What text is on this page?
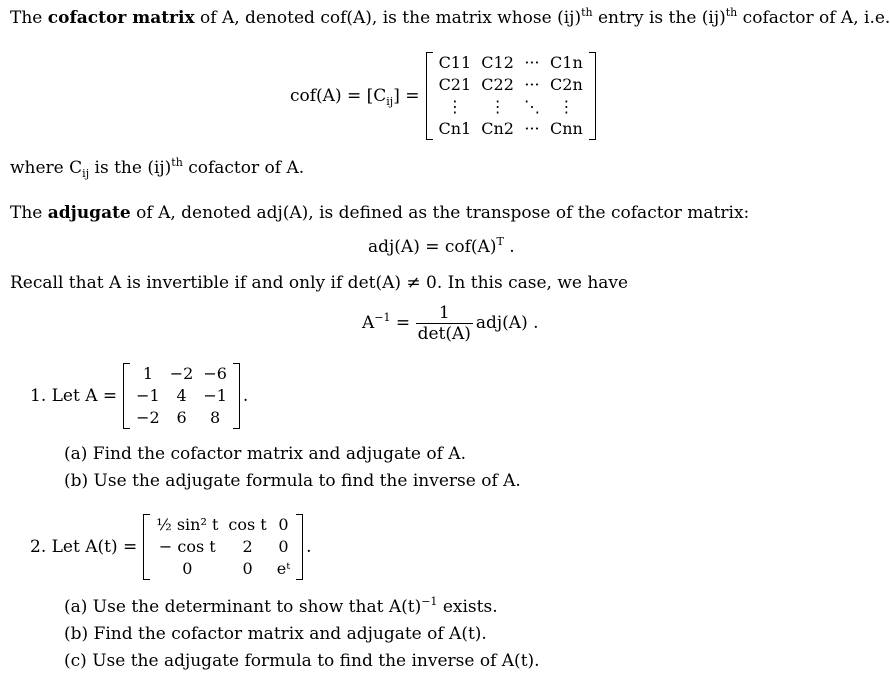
The cofactor matrix of A, denoted cof(A), is the matrix whose (ij)$^{th}$ entry is the (ij)$^{th}$ cofactor of A, i.e.
$cof(A) = [C_{ij}]$ =
C11	C12	···	C1n
C21	C22	···	C2n
⋮	⋮	⋱	⋮
Cn1	Cn2	···	Cnn
where $C_{ij}$ is the (ij)$^{th}$ cofactor of A.
The adjugate of A, denoted adj(A), is defined as the transpose of the cofactor matrix:
$adj(A) = cof(A)^T$ .
Recall that A is invertible if and only if det(A) ≠ 0. In this case, we have
$A^{-1} = \frac{1}{\det(A)} adj(A)$ .
1. Let A =
1	−2	−6
−1	4	−1
−2	6	8
.
(a) Find the cofactor matrix and adjugate of A.
(b) Use the adjugate formula to find the inverse of A.
2. Let A(t) =
½ sin² t	cos t	0
− cos t	2	0
0	0	eᵗ
.
(a) Use the determinant to show that $A(t)^{-1}$ exists.
(b) Find the cofactor matrix and adjugate of A(t).
(c) Use the adjugate formula to find the inverse of A(t).
